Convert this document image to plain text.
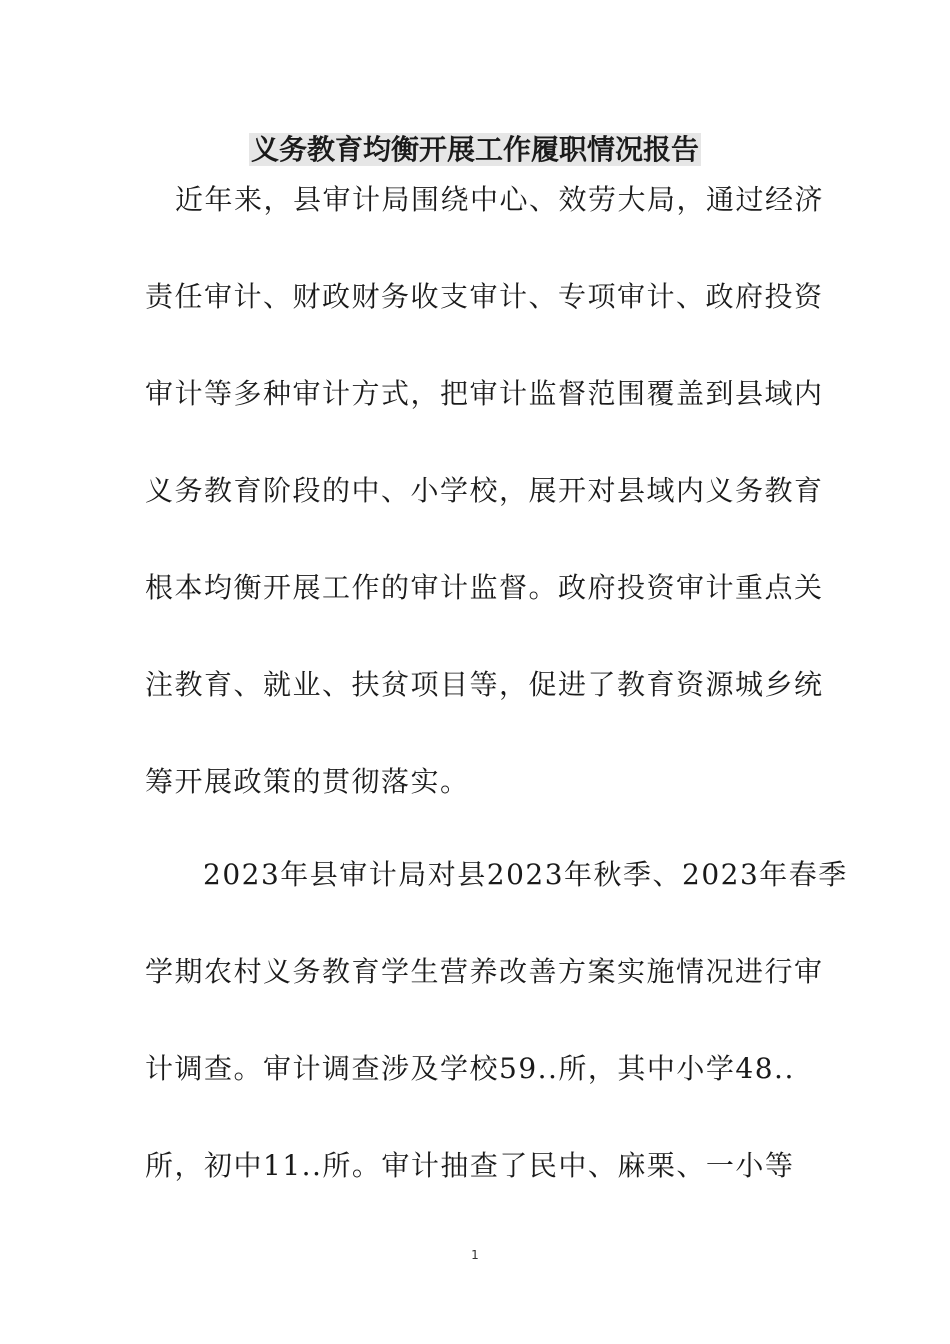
义务教育均衡开展工作履职情况报告
近年来，县审计局围绕中心、效劳大局，通过经济
责任审计、财政财务收支审计、专项审计、政府投资
审计等多种审计方式，把审计监督范围覆盖到县域内
义务教育阶段的中、小学校，展开对县域内义务教育
根本均衡开展工作的审计监督。政府投资审计重点关
注教育、就业、扶贫项目等，促进了教育资源城乡统
筹开展政策的贯彻落实。
2023年县审计局对县2023年秋季、2023年春季
学期农村义务教育学生营养改善方案实施情况进行审
计调查。审计调查涉及学校59..所，其中小学48..
所，初中11..所。审计抽查了民中、麻栗、一小等
1
